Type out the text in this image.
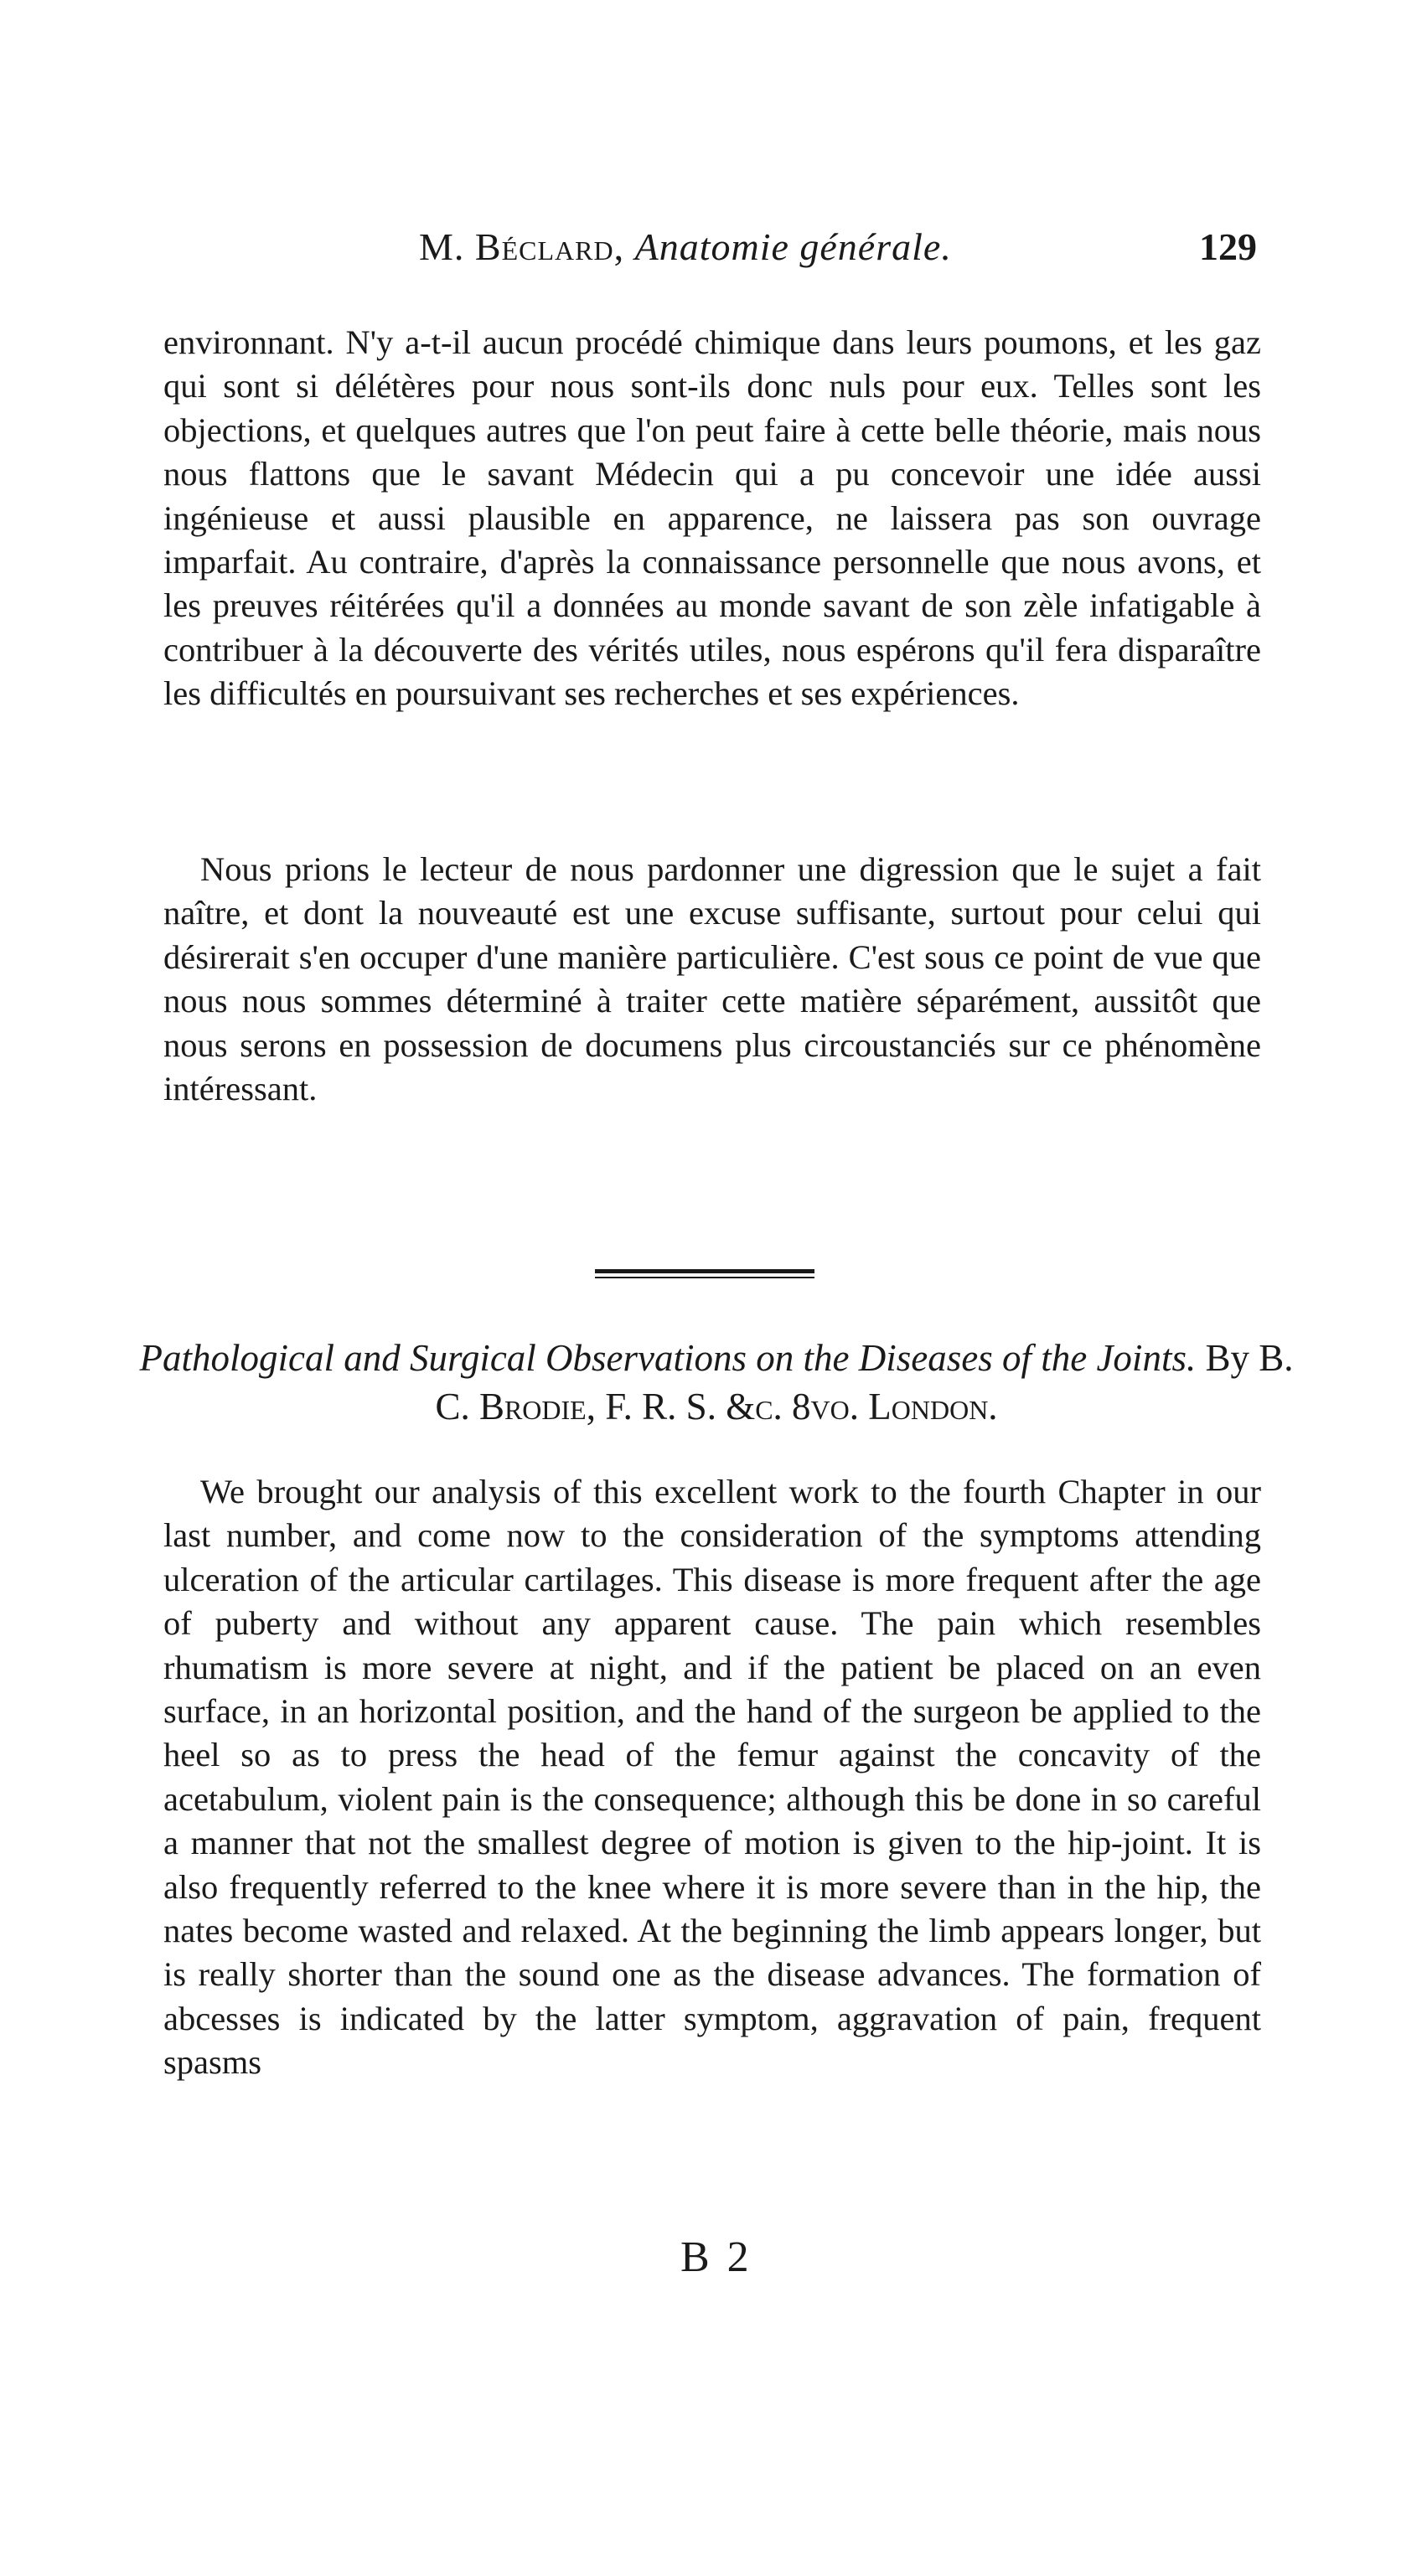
M. Béclard, Anatomie générale.	129

environnant. N'y a-t-il aucun procédé chimique dans leurs poumons, et les gaz qui sont si délétères pour nous sont-ils donc nuls pour eux. Telles sont les objections, et quelques autres que l'on peut faire à cette belle théorie, mais nous nous flattons que le savant Médecin qui a pu concevoir une idée aussi ingénieuse et aussi plausible en apparence, ne laissera pas son ouvrage imparfait. Au contraire, d'après la connaissance personnelle que nous avons, et les preuves réitérées qu'il a données au monde savant de son zèle infatigable à contribuer à la découverte des vérités utiles, nous espérons qu'il fera disparaître les difficultés en poursuivant ses recherches et ses expériences.

Nous prions le lecteur de nous pardonner une digression que le sujet a fait naître, et dont la nouveauté est une excuse suffisante, surtout pour celui qui désirerait s'en occuper d'une manière particulière. C'est sous ce point de vue que nous nous sommes déterminé à traiter cette matière séparément, aussitôt que nous serons en possession de documens plus circoustanciés sur ce phénomène intéressant.

Pathological and Surgical Observations on the Diseases of the Joints. By B. C. Brodie, F. R. S. &c. 8vo. London.

We brought our analysis of this excellent work to the fourth Chapter in our last number, and come now to the consideration of the symptoms attending ulceration of the articular cartilages. This disease is more frequent after the age of puberty and without any apparent cause. The pain which resembles rhumatism is more severe at night, and if the patient be placed on an even surface, in an horizontal position, and the hand of the surgeon be applied to the heel so as to press the head of the femur against the concavity of the acetabulum, violent pain is the consequence; although this be done in so careful a manner that not the smallest degree of motion is given to the hip-joint. It is also frequently referred to the knee where it is more severe than in the hip, the nates become wasted and relaxed. At the beginning the limb appears longer, but is really shorter than the sound one as the disease advances. The formation of abcesses is indicated by the latter symptom, aggravation of pain, frequent spasms

B 2
